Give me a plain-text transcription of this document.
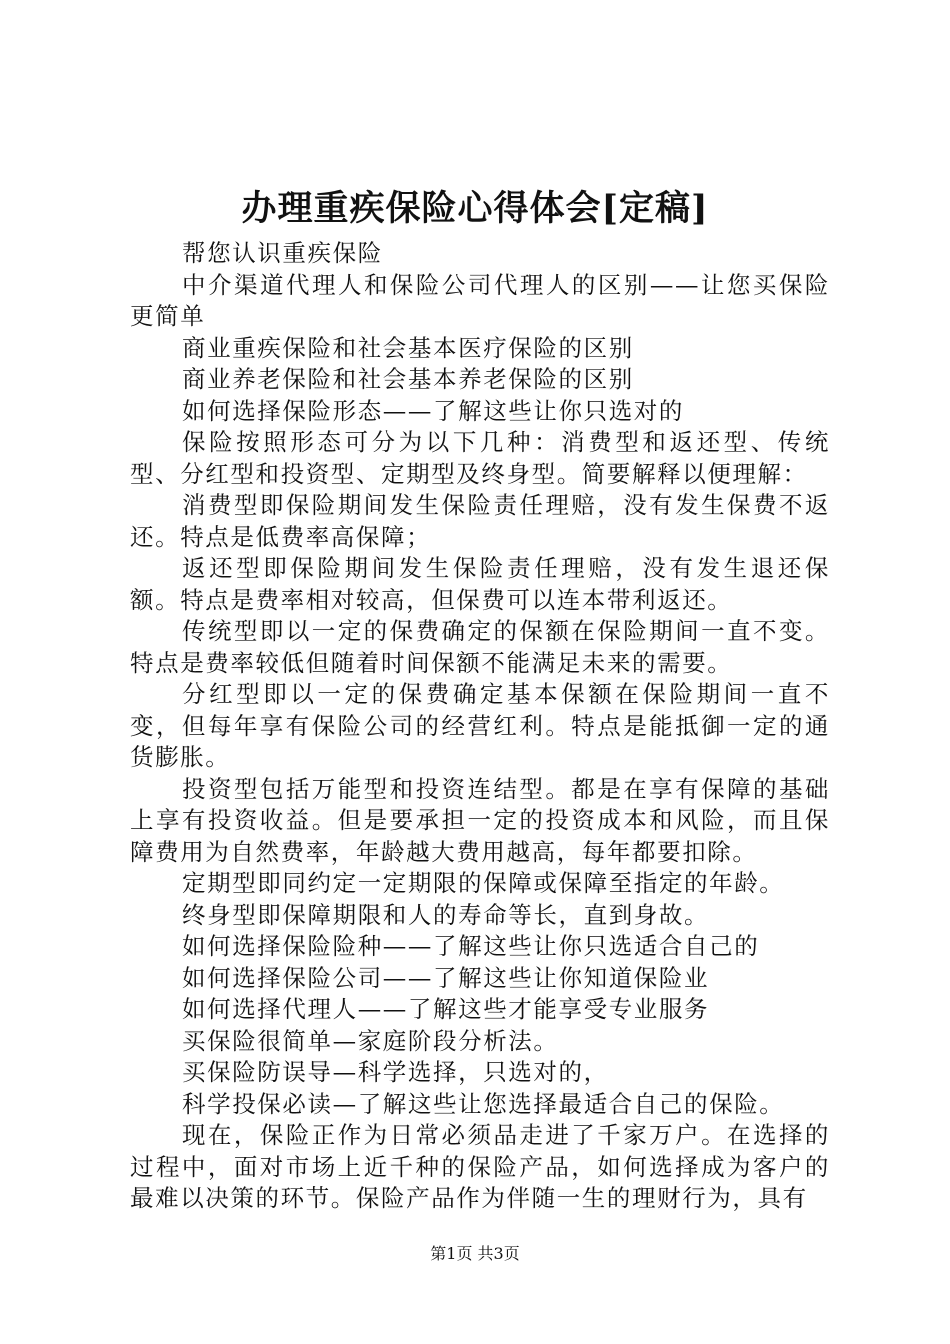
办理重疾保险心得体会[定稿]

帮您认识重疾保险

中介渠道代理人和保险公司代理人的区别——让您买保险更简单

商业重疾保险和社会基本医疗保险的区别

商业养老保险和社会基本养老保险的区别

如何选择保险形态——了解这些让你只选对的

保险按照形态可分为以下几种：消费型和返还型、传统型、分红型和投资型、定期型及终身型。简要解释以便理解：

消费型即保险期间发生保险责任理赔，没有发生保费不返还。特点是低费率高保障；

返还型即保险期间发生保险责任理赔，没有发生退还保额。特点是费率相对较高，但保费可以连本带利返还。

传统型即以一定的保费确定的保额在保险期间一直不变。特点是费率较低但随着时间保额不能满足未来的需要。

分红型即以一定的保费确定基本保额在保险期间一直不变，但每年享有保险公司的经营红利。特点是能抵御一定的通货膨胀。

投资型包括万能型和投资连结型。都是在享有保障的基础上享有投资收益。但是要承担一定的投资成本和风险，而且保障费用为自然费率，年龄越大费用越高，每年都要扣除。

定期型即同约定一定期限的保障或保障至指定的年龄。

终身型即保障期限和人的寿命等长，直到身故。

如何选择保险险种——了解这些让你只选适合自己的

如何选择保险公司——了解这些让你知道保险业

如何选择代理人——了解这些才能享受专业服务

买保险很简单—家庭阶段分析法。

买保险防误导—科学选择，只选对的，

科学投保必读—了解这些让您选择最适合自己的保险。

现在，保险正作为日常必须品走进了千家万户。在选择的过程中，面对市场上近千种的保险产品，如何选择成为客户的最难以决策的环节。保险产品作为伴随一生的理财行为，具有

第1页 共3页
